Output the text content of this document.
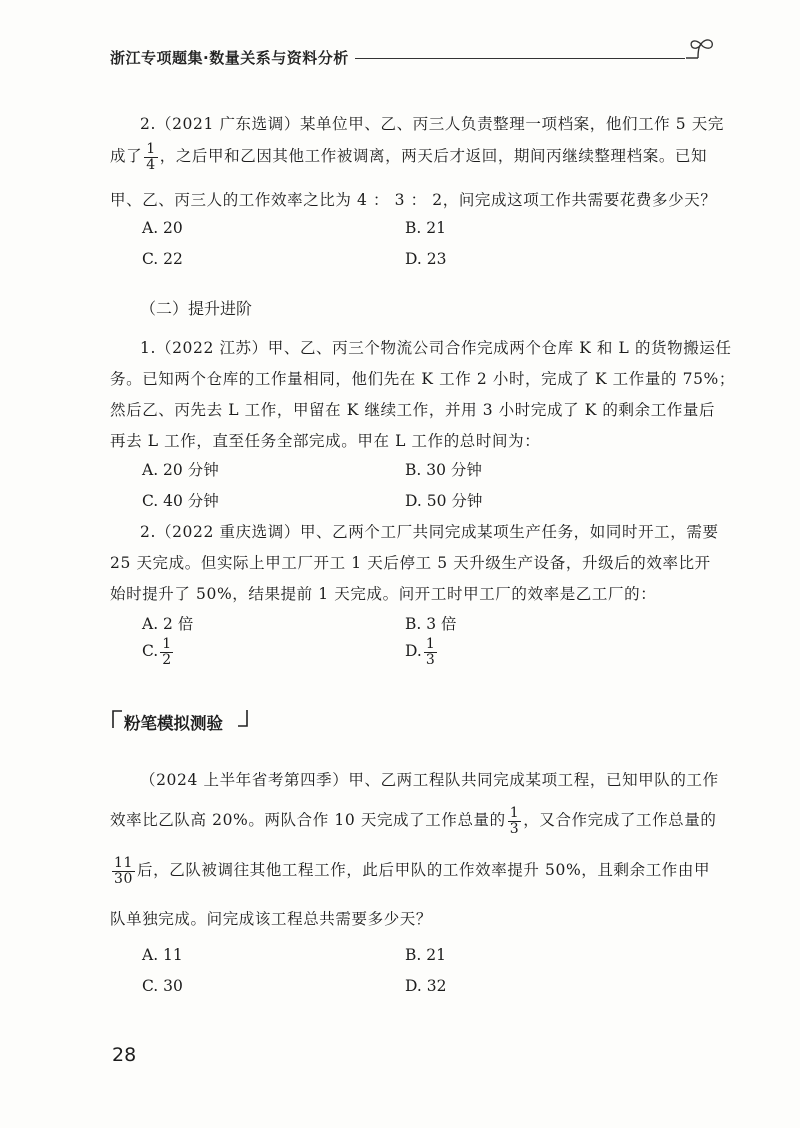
浙江专项题集·数量关系与资料分析
2.（2021 广东选调）某单位甲、乙、丙三人负责整理一项档案，他们工作 5 天完
成了 $\frac{1}{4}$ ，之后甲和乙因其他工作被调离，两天后才返回，期间丙继续整理档案。已知
甲、乙、丙三人的工作效率之比为 4 ： 3 ： 2，问完成这项工作共需要花费多少天？
A. 20	B. 21
C. 22	D. 23
（二）提升进阶
1.（2022 江苏）甲、乙、丙三个物流公司合作完成两个仓库 K 和 L 的货物搬运任
务。已知两个仓库的工作量相同，他们先在 K 工作 2 小时，完成了 K 工作量的 75%；
然后乙、丙先去 L 工作，甲留在 K 继续工作，并用 3 小时完成了 K 的剩余工作量后
再去 L 工作，直至任务全部完成。甲在 L 工作的总时间为：
A. 20 分钟	B. 30 分钟
C. 40 分钟	D. 50 分钟
2.（2022 重庆选调）甲、乙两个工厂共同完成某项生产任务，如同时开工，需要
25 天完成。但实际上甲工厂开工 1 天后停工 5 天升级生产设备，升级后的效率比开
始时提升了 50%，结果提前 1 天完成。问开工时甲工厂的效率是乙工厂的：
A. 2 倍	B. 3 倍
C. $\frac{1}{2}$	D. $\frac{1}{3}$
粉笔模拟测验
（2024 上半年省考第四季）甲、乙两工程队共同完成某项工程，已知甲队的工作
效率比乙队高 20%。两队合作 10 天完成了工作总量的 $\frac{1}{3}$ ，又合作完成了工作总量的
$\frac{11}{30}$ 后，乙队被调往其他工程工作，此后甲队的工作效率提升 50%，且剩余工作由甲
队单独完成。问完成该工程总共需要多少天？
A. 11	B. 21
C. 30	D. 32
28
